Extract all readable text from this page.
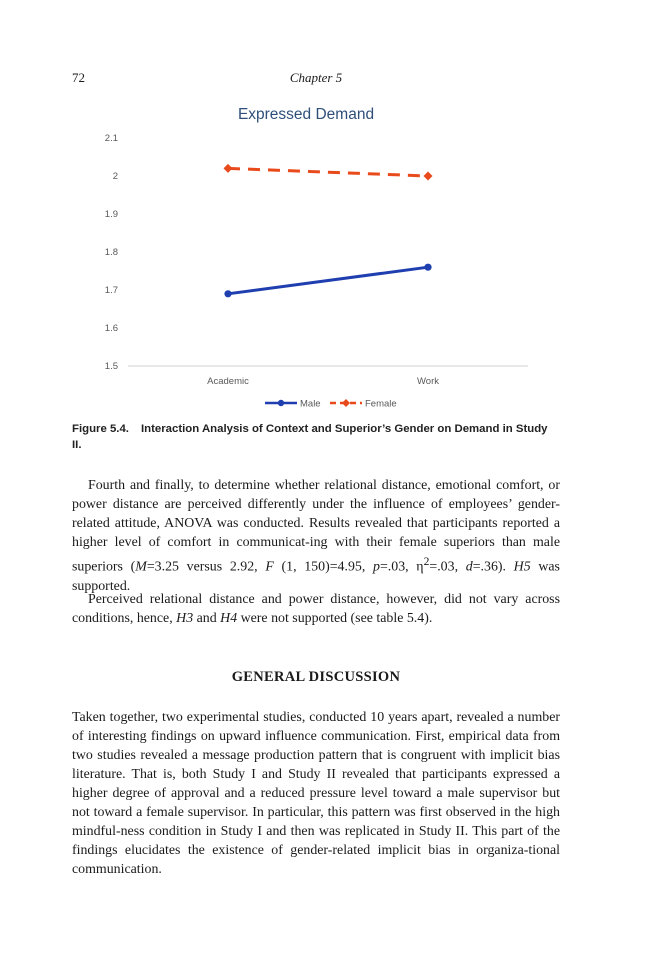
72	Chapter 5
Expressed Demand
2.1
2
1.9
1.8
1.7
1.6
1.5
Academic	Work
Male	Female
Figure 5.4. Interaction Analysis of Context and Superior’s Gender on Demand in Study II.

Fourth and finally, to determine whether relational distance, emotional comfort, or power distance are perceived differently under the influence of employees’ gender-related attitude, ANOVA was conducted. Results revealed that participants reported a higher level of comfort in communicat-ing with their female superiors than male superiors (M=3.25 versus 2.92, F (1, 150)=4.95, p=.03, $\eta^2=.03$, d=.36). H5 was supported.

Perceived relational distance and power distance, however, did not vary across conditions, hence, H3 and H4 were not supported (see table 5.4).

GENERAL DISCUSSION

Taken together, two experimental studies, conducted 10 years apart, revealed a number of interesting findings on upward influence communication. First, empirical data from two studies revealed a message production pattern that is congruent with implicit bias literature. That is, both Study I and Study II revealed that participants expressed a higher degree of approval and a reduced pressure level toward a male supervisor but not toward a female supervisor. In particular, this pattern was first observed in the high mindful-ness condition in Study I and then was replicated in Study II. This part of the findings elucidates the existence of gender-related implicit bias in organiza-tional communication.
